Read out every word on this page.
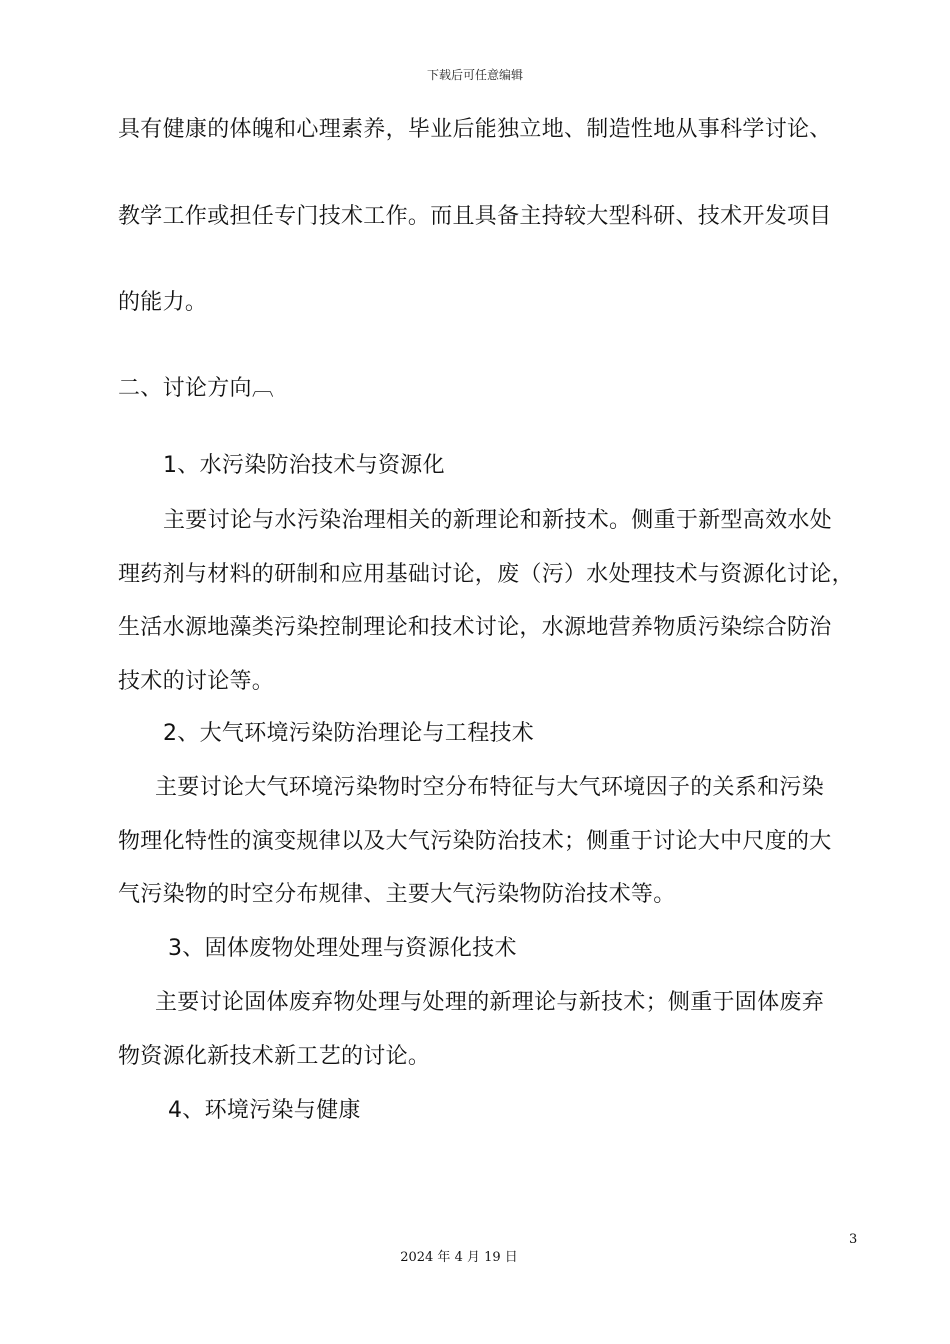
下载后可任意编辑
具有健康的体魄和心理素养，毕业后能独立地、制造性地从事科学讨论、
教学工作或担任专门技术工作。而且具备主持较大型科研、技术开发项目
的能力。
二、讨论方向︹
1、水污染防治技术与资源化
主要讨论与水污染治理相关的新理论和新技术。侧重于新型高效水处
理药剂与材料的研制和应用基础讨论，废（污）水处理技术与资源化讨论，
生活水源地藻类污染控制理论和技术讨论，水源地营养物质污染综合防治
技术的讨论等。
2、大气环境污染防治理论与工程技术
主要讨论大气环境污染物时空分布特征与大气环境因子的关系和污染
物理化特性的演变规律以及大气污染防治技术；侧重于讨论大中尺度的大
气污染物的时空分布规律、主要大气污染物防治技术等。
3、固体废物处理处理与资源化技术
主要讨论固体废弃物处理与处理的新理论与新技术；侧重于固体废弃
物资源化新技术新工艺的讨论。
4、环境污染与健康
3
2024 年 4 月 19 日
